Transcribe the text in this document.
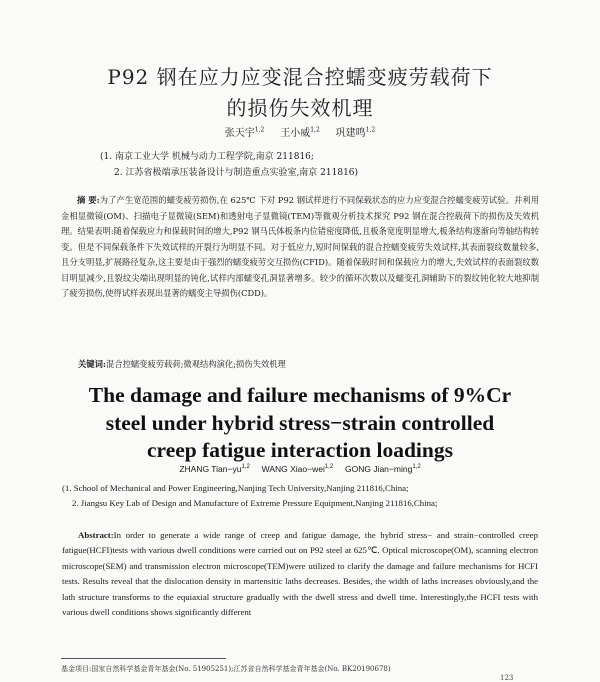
P92 钢在应力应变混合控蠕变疲劳载荷下
的损伤失效机理
张天宇$^{1,2}$ 王小威$^{1,2}$ 巩建鸣$^{1,2}$
(1. 南京工业大学 机械与动力工程学院,南京 211816;
2. 江苏省极端承压装备设计与制造重点实验室,南京 211816)
摘 要:为了产生宽范围的蠕变疲劳损伤,在 625℃ 下对 P92 钢试样进行不同保载状态的应力应变混合控蠕变疲劳试验。并利用金相显微镜(OM)、扫描电子显微镜(SEM)和透射电子显微镜(TEM)等微观分析技术探究 P92 钢在混合控载荷下的损伤及失效机理。结果表明:随着保载应力和保载时间的增大,P92 钢马氏体板条内位错密度降低,且板条宽度明显增大,板条结构逐渐向等轴结构转变。但是不同保载条件下失效试样的开裂行为明显不同。对于低应力,短时间保载的混合控蠕变疲劳失效试样,其表面裂纹数量较多,且分支明显,扩展路径复杂,这主要是由于强烈的蠕变疲劳交互损伤(CFID)。随着保载时间和保载应力的增大,失效试样的表面裂纹数目明显减少,且裂纹尖端出现明显的钝化,试样内部蠕变孔洞显著增多。较少的循环次数以及蠕变孔洞辅助下的裂纹钝化较大地抑制了疲劳损伤,使得试样表现出显著的蠕变主导损伤(CDD)。
关键词:混合控蠕变疲劳载荷;微观结构演化;损伤失效机理
The damage and failure mechanisms of 9%Cr
steel under hybrid stress−strain controlled
creep fatigue interaction loadings
ZHANG Tian−yu$^{1,2}$ WANG Xiao−wei$^{1,2}$ GONG Jian−ming$^{1,2}$
(1. School of Mechanical and Power Engineering,Nanjing Tech University,Nanjing 211816,China;
2. Jiangsu Key Lab of Design and Manufacture of Extreme Pressure Equipment,Nanjing 211816,China;
Abstract:In order to generate a wide range of creep and fatigue damage, the hybrid stress− and strain−controlled creep fatigue(HCFI)tests with various dwell conditions were carried out on P92 steel at 625℃. Optical microscope(OM), scanning electron microscope(SEM) and transmission electron microscope(TEM)were utilized to clarify the damage and failure mechanisms for HCFI tests. Results reveal that the dislocation density in martensitic laths decreases. Besides, the width of laths increases obviously,and the lath structure transforms to the equiaxial structure gradually with the dwell stress and dwell time. Interestingly,the HCFI tests with various dwell conditions shows significantly different
基金项目:国家自然科学基金青年基金(No. 51905251);江苏省自然科学基金青年基金(No. BK20190678)
123
